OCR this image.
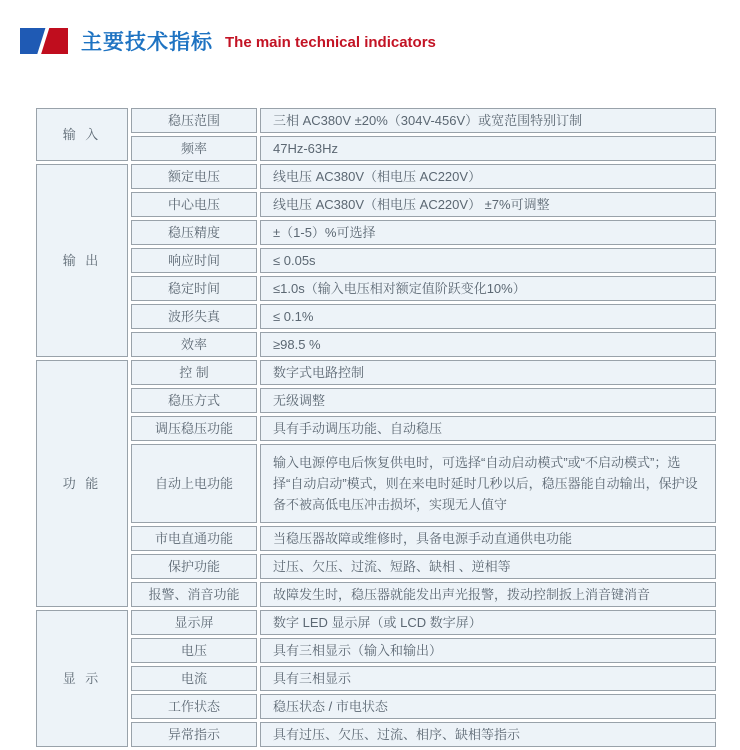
主要技术指标 The main technical indicators
输 入	稳压范围	三相 AC380V ±20%（304V-456V）或宽范围特别订制
	频率	47Hz-63Hz
输 出	额定电压	线电压 AC380V（相电压 AC220V）
	中心电压	线电压 AC380V（相电压 AC220V） ±7%可调整
	稳压精度	±（1-5）%可选择
	响应时间	≤ 0.05s
	稳定时间	≤1.0s（输入电压相对额定值阶跃变化10%）
	波形失真	≤ 0.1%
	效率	≥98.5 %
功 能	控 制	数字式电路控制
	稳压方式	无级调整
	调压稳压功能	具有手动调压功能、自动稳压
	自动上电功能	输入电源停电后恢复供电时，可选择“自动启动模式”或“不启动模式”；选择“自动启动”模式，则在来电时延时几秒以后，稳压器能自动输出，保护设备不被高低电压冲击损坏，实现无人值守
	市电直通功能	当稳压器故障或维修时，具备电源手动直通供电功能
	保护功能	过压、欠压、过流、短路、缺相 、逆相等
	报警、消音功能	故障发生时，稳压器就能发出声光报警，拨动控制扳上消音键消音
显 示	显示屏	数字 LED 显示屏（或 LCD 数字屏）
	电压	具有三相显示（输入和输出）
	电流	具有三相显示
	工作状态	稳压状态 / 市电状态
	异常指示	具有过压、欠压、过流、相序、缺相等指示
